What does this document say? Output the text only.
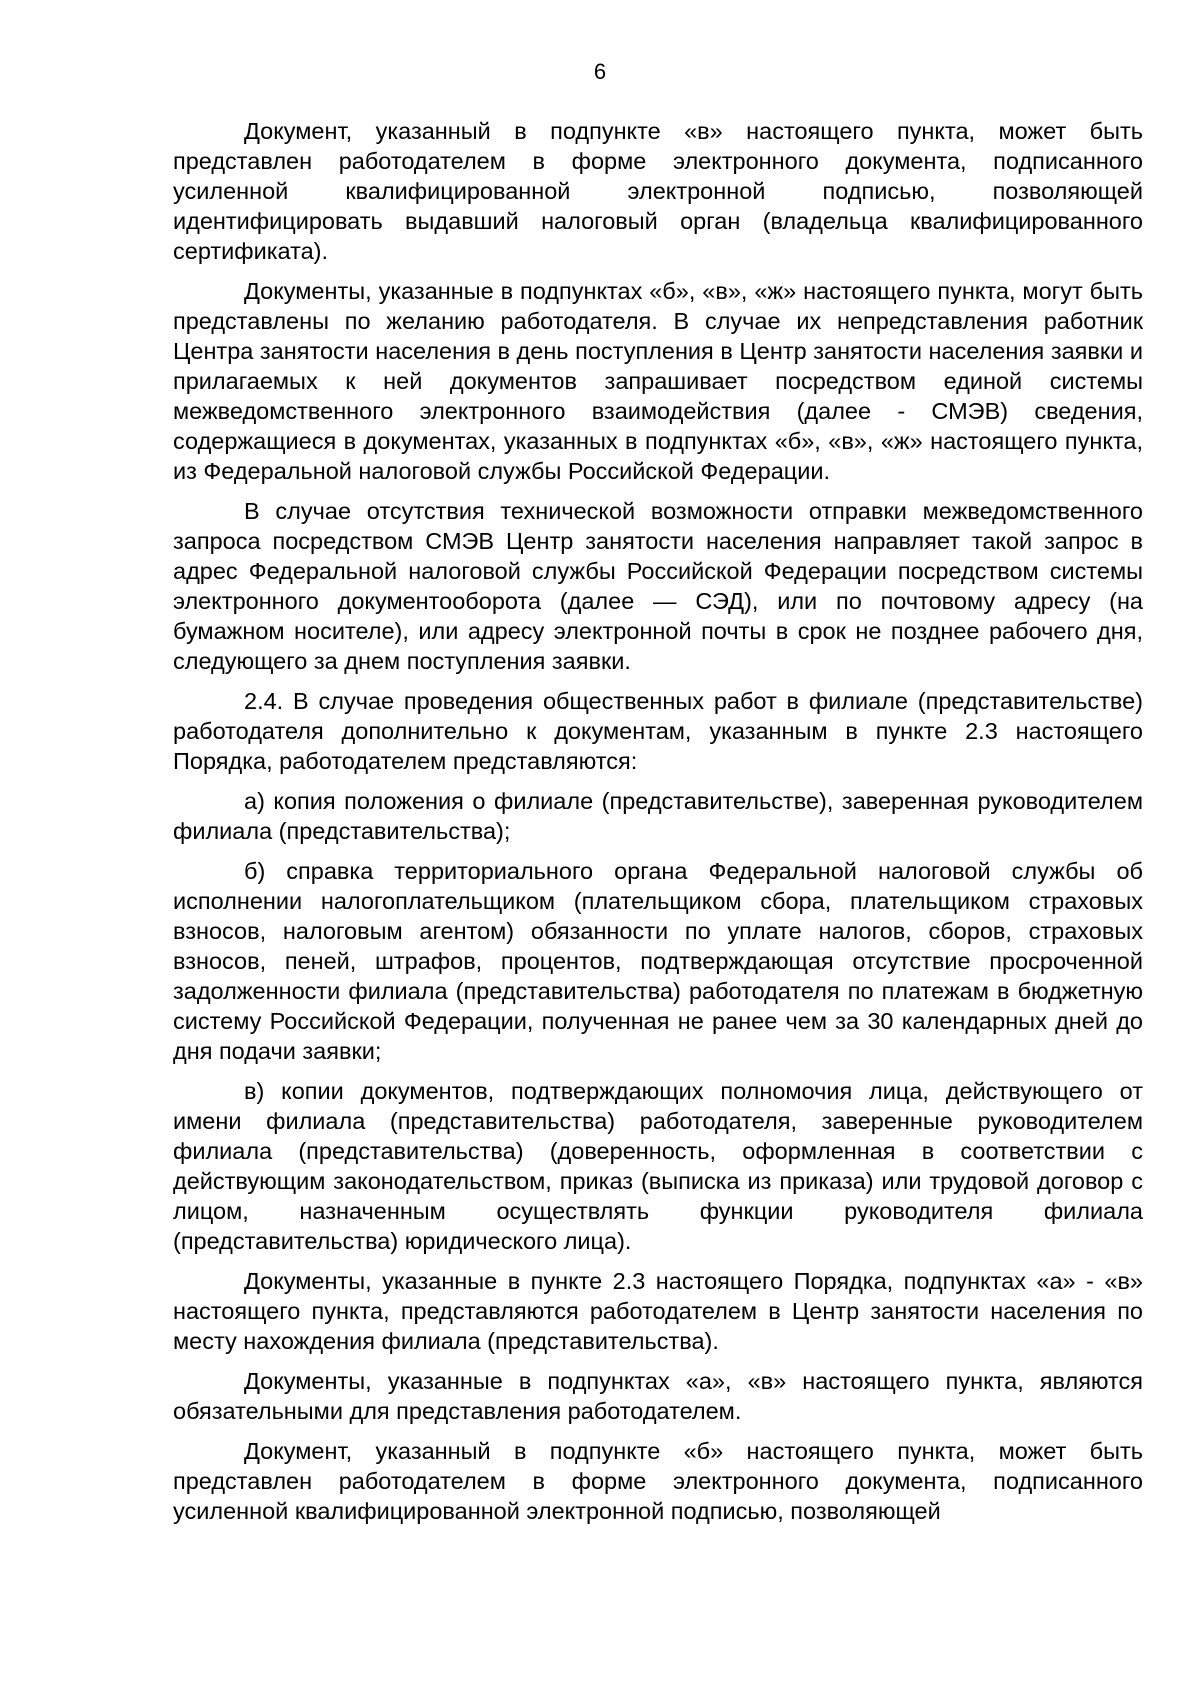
6

Документ, указанный в подпункте «в» настоящего пункта, может быть представлен работодателем в форме электронного документа, подписанного усиленной квалифицированной электронной подписью, позволяющей идентифицировать выдавший налоговый орган (владельца квалифицированного сертификата).

Документы, указанные в подпунктах «б», «в», «ж» настоящего пункта, могут быть представлены по желанию работодателя. В случае их непредставления работник Центра занятости населения в день поступления в Центр занятости населения заявки и прилагаемых к ней документов запрашивает посредством единой системы межведомственного электронного взаимодействия (далее - СМЭВ) сведения, содержащиеся в документах, указанных в подпунктах «б», «в», «ж» настоящего пункта, из Федеральной налоговой службы Российской Федерации.

В случае отсутствия технической возможности отправки межведомственного запроса посредством СМЭВ Центр занятости населения направляет такой запрос в адрес Федеральной налоговой службы Российской Федерации посредством системы электронного документооборота (далее — СЭД), или по почтовому адресу (на бумажном носителе), или адресу электронной почты в срок не позднее рабочего дня, следующего за днем поступления заявки.

2.4. В случае проведения общественных работ в филиале (представительстве) работодателя дополнительно к документам, указанным в пункте 2.3 настоящего Порядка, работодателем представляются:

а) копия положения о филиале (представительстве), заверенная руководителем филиала (представительства);

б) справка территориального органа Федеральной налоговой службы об исполнении налогоплательщиком (плательщиком сбора, плательщиком страховых взносов, налоговым агентом) обязанности по уплате налогов, сборов, страховых взносов, пеней, штрафов, процентов, подтверждающая отсутствие просроченной задолженности филиала (представительства) работодателя по платежам в бюджетную систему Российской Федерации, полученная не ранее чем за 30 календарных дней до дня подачи заявки;

в) копии документов, подтверждающих полномочия лица, действующего от имени филиала (представительства) работодателя, заверенные руководителем филиала (представительства) (доверенность, оформленная в соответствии с действующим законодательством, приказ (выписка из приказа) или трудовой договор с лицом, назначенным осуществлять функции руководителя филиала (представительства) юридического лица).

Документы, указанные в пункте 2.3 настоящего Порядка, подпунктах «а» - «в» настоящего пункта, представляются работодателем в Центр занятости населения по месту нахождения филиала (представительства).

Документы, указанные в подпунктах «а», «в» настоящего пункта, являются обязательными для представления работодателем.

Документ, указанный в подпункте «б» настоящего пункта, может быть представлен работодателем в форме электронного документа, подписанного усиленной квалифицированной электронной подписью, позволяющей
